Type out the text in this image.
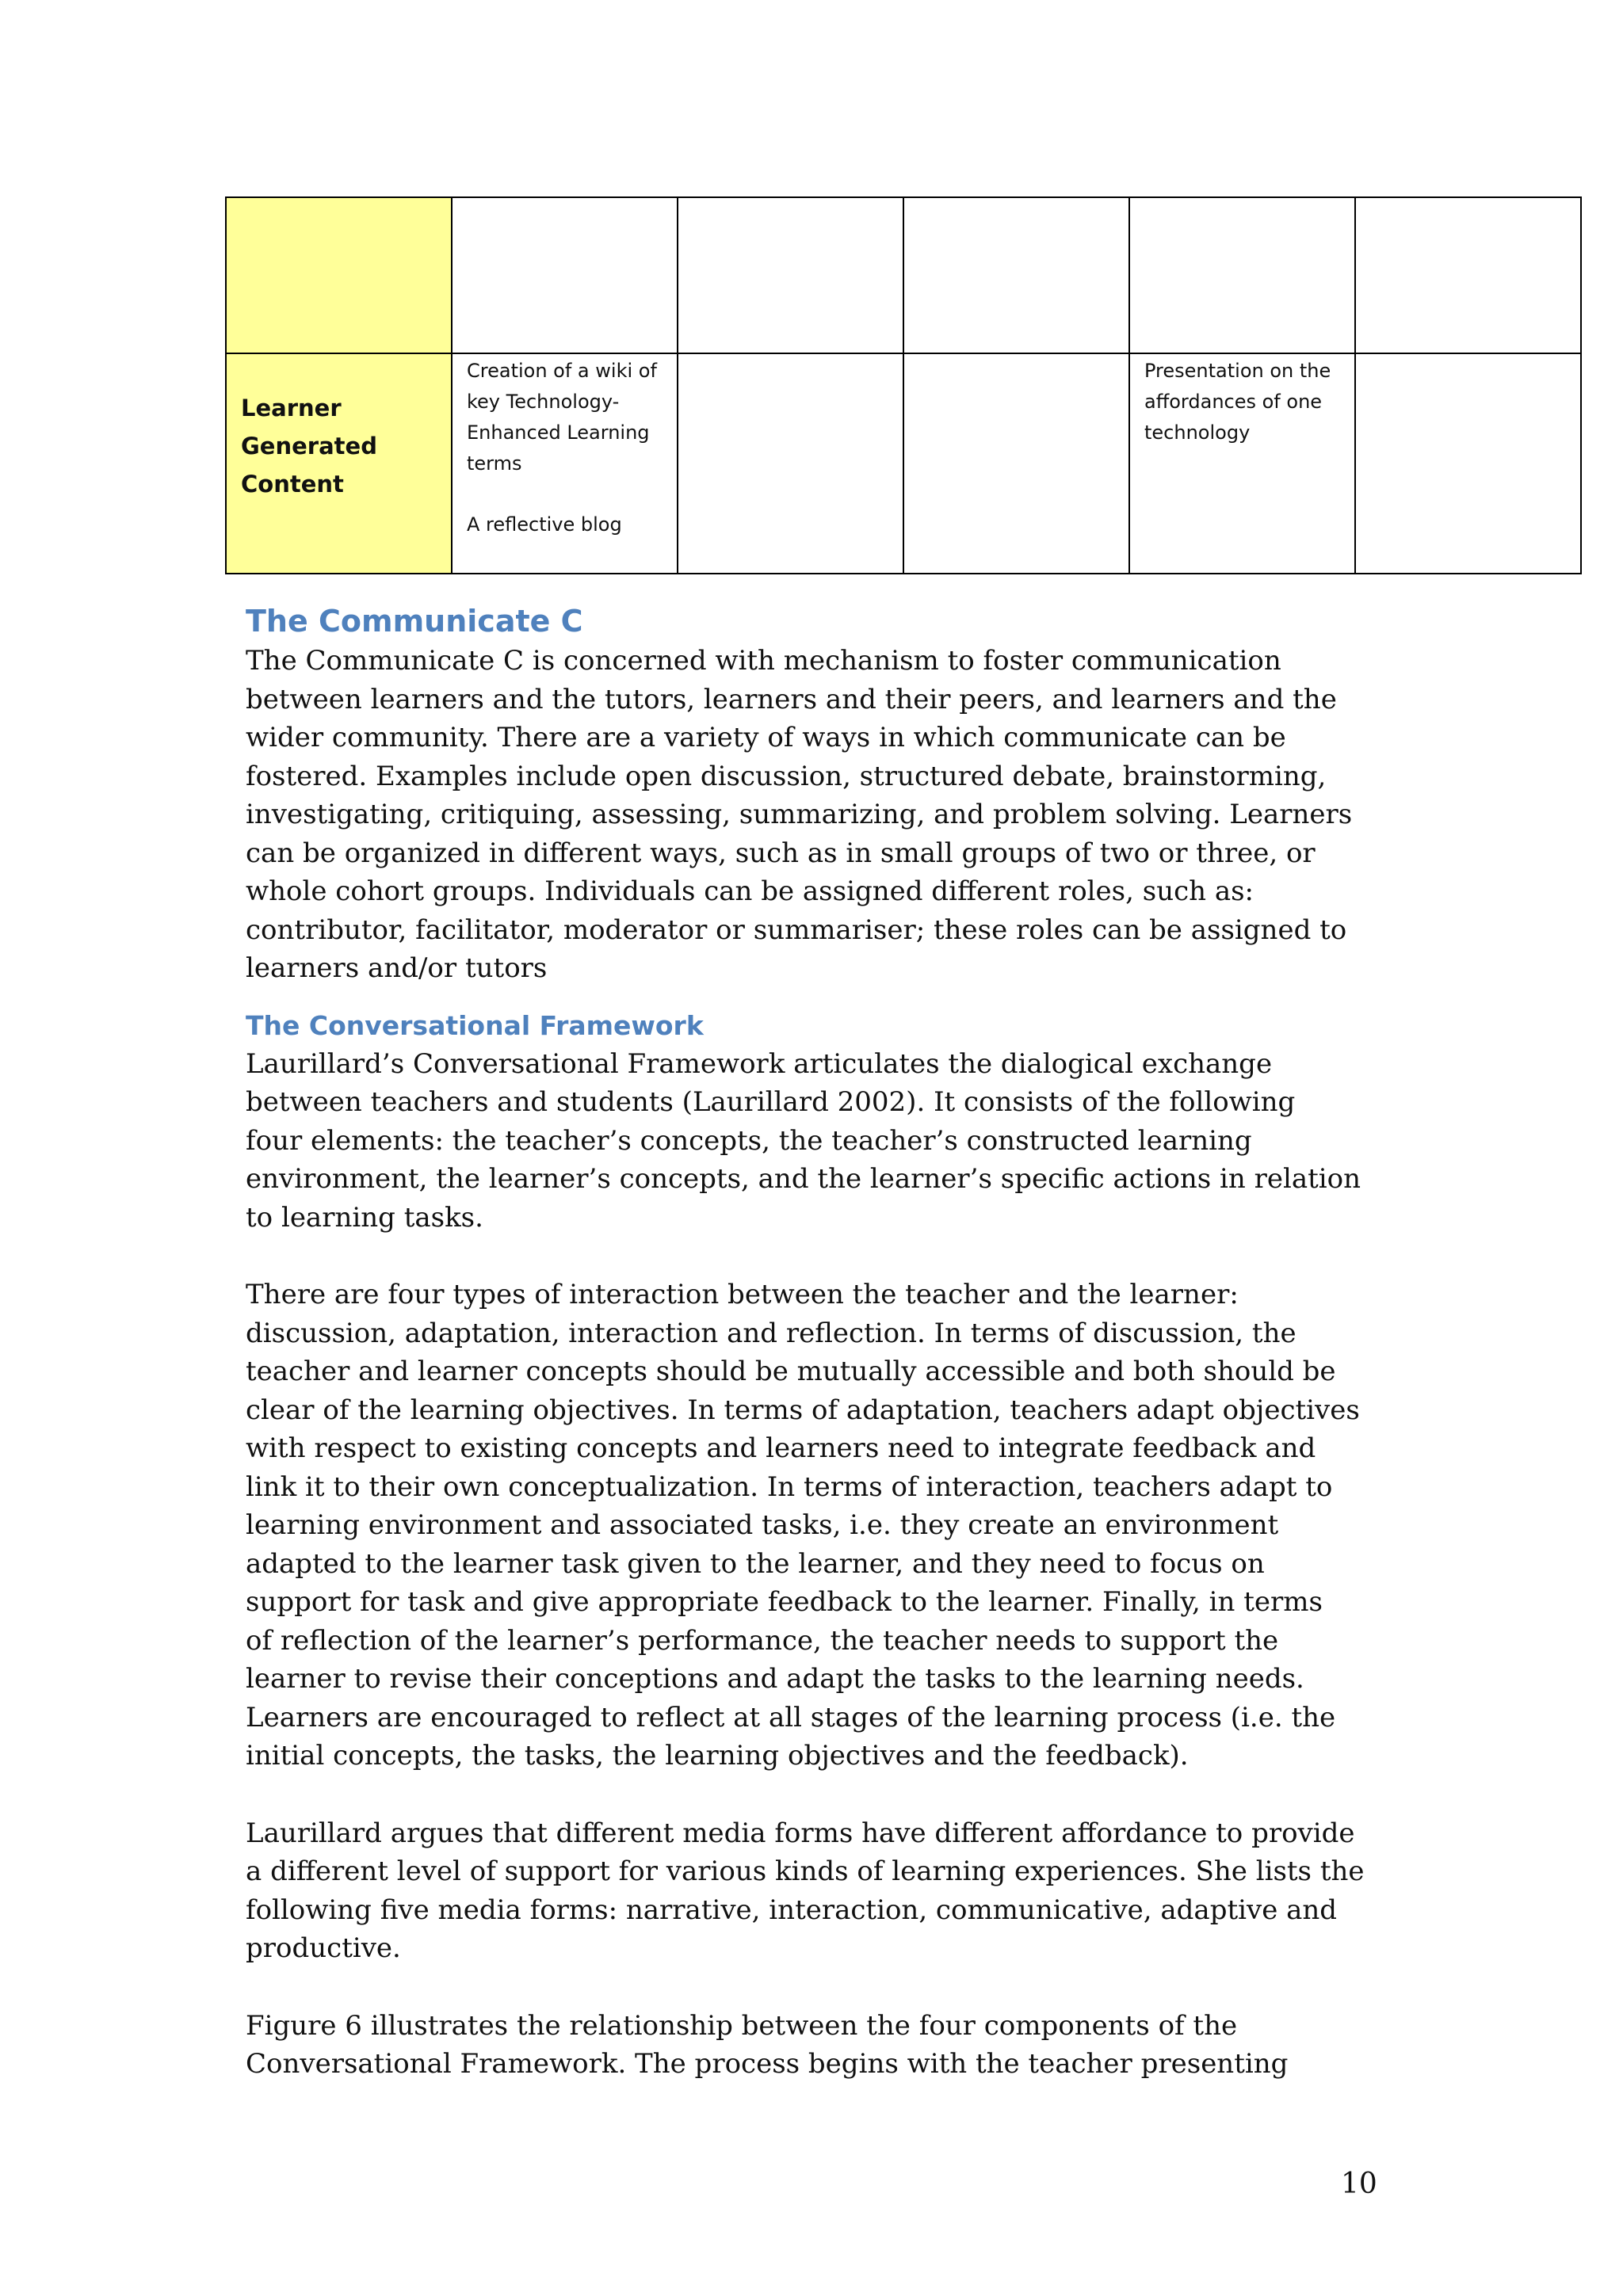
Learner
Generated
Content	Creation of a wiki of
key Technology-
Enhanced Learning
terms
A reflective blog			Presentation on the
affordances of one
technology	

The Communicate C

The Communicate C is concerned with mechanism to foster communication
between learners and the tutors, learners and their peers, and learners and the
wider community. There are a variety of ways in which communicate can be
fostered. Examples include open discussion, structured debate, brainstorming,
investigating, critiquing, assessing, summarizing, and problem solving. Learners
can be organized in different ways, such as in small groups of two or three, or
whole cohort groups. Individuals can be assigned different roles, such as:
contributor, facilitator, moderator or summariser; these roles can be assigned to
learners and/or tutors

The Conversational Framework

Laurillard’s Conversational Framework articulates the dialogical exchange
between teachers and students (Laurillard 2002). It consists of the following
four elements: the teacher’s concepts, the teacher’s constructed learning
environment, the learner’s concepts, and the learner’s specific actions in relation
to learning tasks.

There are four types of interaction between the teacher and the learner:
discussion, adaptation, interaction and reflection. In terms of discussion, the
teacher and learner concepts should be mutually accessible and both should be
clear of the learning objectives. In terms of adaptation, teachers adapt objectives
with respect to existing concepts and learners need to integrate feedback and
link it to their own conceptualization. In terms of interaction, teachers adapt to
learning environment and associated tasks, i.e. they create an environment
adapted to the learner task given to the learner, and they need to focus on
support for task and give appropriate feedback to the learner. Finally, in terms
of reflection of the learner’s performance, the teacher needs to support the
learner to revise their conceptions and adapt the tasks to the learning needs.
Learners are encouraged to reflect at all stages of the learning process (i.e. the
initial concepts, the tasks, the learning objectives and the feedback).

Laurillard argues that different media forms have different affordance to provide
a different level of support for various kinds of learning experiences. She lists the
following five media forms: narrative, interaction, communicative, adaptive and
productive.

Figure 6 illustrates the relationship between the four components of the
Conversational Framework. The process begins with the teacher presenting

10
